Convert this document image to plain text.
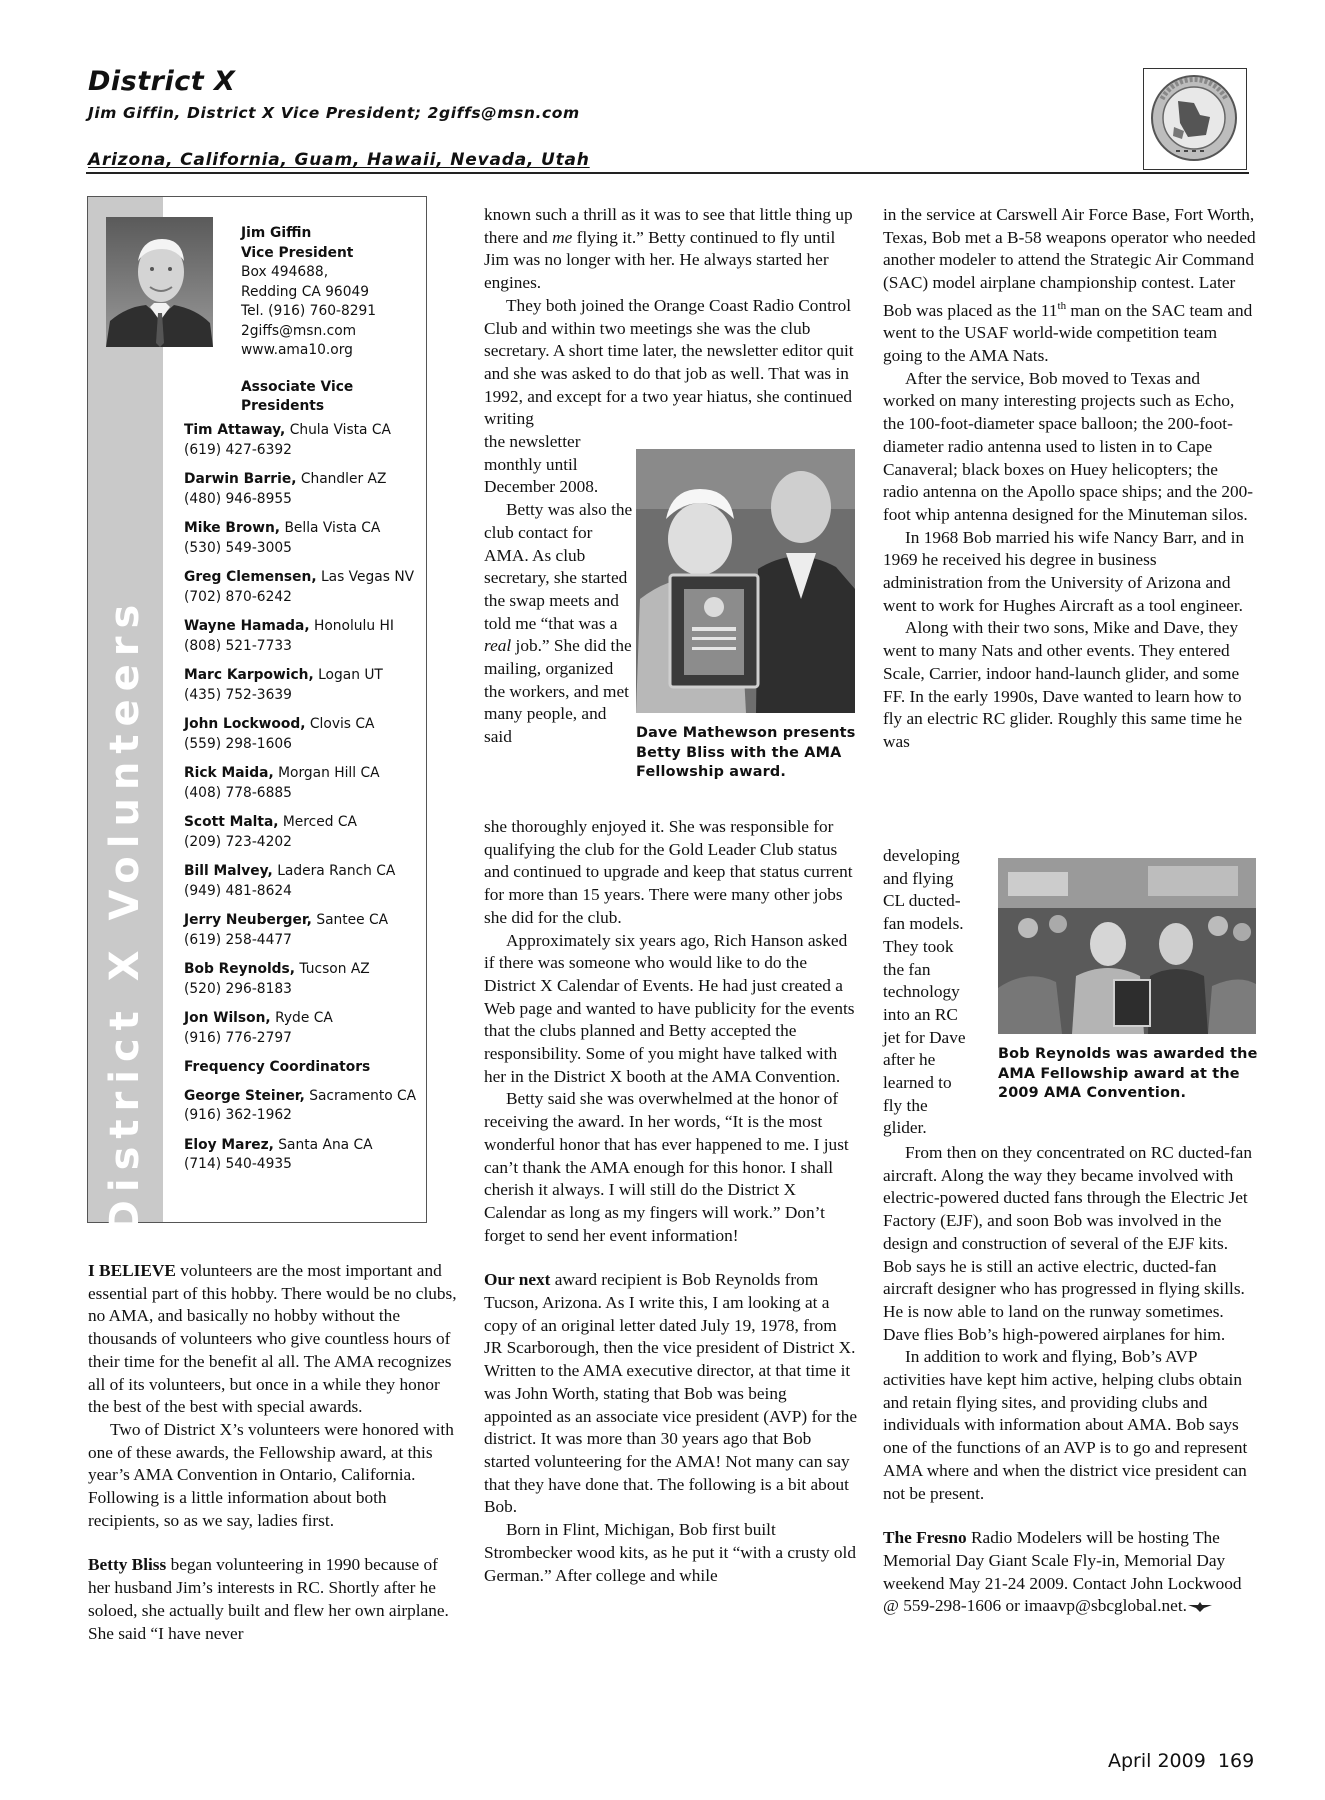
District X
Jim Giffin, District X Vice President; 2giffs@msn.com
Arizona, California, Guam, Hawaii, Nevada, Utah
District X Volunteers
Jim Giffin
Vice President
Box 494688,
Redding CA 96049
Tel. (916) 760-8291
2giffs@msn.com
www.ama10.org
Associate Vice
Presidents
Tim Attaway, Chula Vista CA
(619) 427-6392
Darwin Barrie, Chandler AZ
(480) 946-8955
Mike Brown, Bella Vista CA
(530) 549-3005
Greg Clemensen, Las Vegas NV
(702) 870-6242
Wayne Hamada, Honolulu HI
(808) 521-7733
Marc Karpowich, Logan UT
(435) 752-3639
John Lockwood, Clovis CA
(559) 298-1606
Rick Maida, Morgan Hill CA
(408) 778-6885
Scott Malta, Merced CA
(209) 723-4202
Bill Malvey, Ladera Ranch CA
(949) 481-8624
Jerry Neuberger, Santee CA
(619) 258-4477
Bob Reynolds, Tucson AZ
(520) 296-8183
Jon Wilson, Ryde CA
(916) 776-2797
Frequency Coordinators
George Steiner, Sacramento CA
(916) 362-1962
Eloy Marez, Santa Ana CA
(714) 540-4935

I BELIEVE volunteers are the most important and essential part of this hobby. There would be no clubs, no AMA, and basically no hobby without the thousands of volunteers who give countless hours of their time for the benefit al all. The AMA recognizes all of its volunteers, but once in a while they honor the best of the best with special awards.

Two of District X’s volunteers were honored with one of these awards, the Fellowship award, at this year’s AMA Convention in Ontario, California. Following is a little information about both recipients, so as we say, ladies first.

Betty Bliss began volunteering in 1990 because of her husband Jim’s interests in RC. Shortly after he soloed, she actually built and flew her own airplane. She said “I have never

known such a thrill as it was to see that little thing up there and me flying it.” Betty continued to fly until Jim was no longer with her. He always started her engines.

They both joined the Orange Coast Radio Control Club and within two meetings she was the club secretary. A short time later, the newsletter editor quit and she was asked to do that job as well. That was in 1992, and except for a two year hiatus, she continued writing

the newsletter monthly until December 2008.

Betty was also the club contact for AMA. As club secretary, she started the swap meets and told me “that was a real job.” She did the mailing, organized the workers, and met many people, and said	Dave Mathewson presents Betty Bliss with the AMA Fellowship award.

she thoroughly enjoyed it. She was responsible for qualifying the club for the Gold Leader Club status and continued to upgrade and keep that status current for more than 15 years. There were many other jobs she did for the club.

Approximately six years ago, Rich Hanson asked if there was someone who would like to do the District X Calendar of Events. He had just created a Web page and wanted to have publicity for the events that the clubs planned and Betty accepted the responsibility. Some of you might have talked with her in the District X booth at the AMA Convention.

Betty said she was overwhelmed at the honor of receiving the award. In her words, “It is the most wonderful honor that has ever happened to me. I just can’t thank the AMA enough for this honor. I shall cherish it always. I will still do the District X Calendar as long as my fingers will work.” Don’t forget to send her event information!

Our next award recipient is Bob Reynolds from Tucson, Arizona. As I write this, I am looking at a copy of an original letter dated July 19, 1978, from JR Scarborough, then the vice president of District X. Written to the AMA executive director, at that time it was John Worth, stating that Bob was being appointed as an associate vice president (AVP) for the district. It was more than 30 years ago that Bob started volunteering for the AMA! Not many can say that they have done that. The following is a bit about Bob.

Born in Flint, Michigan, Bob first built Strombecker wood kits, as he put it “with a crusty old German.” After college and while

in the service at Carswell Air Force Base, Fort Worth, Texas, Bob met a B-58 weapons operator who needed another modeler to attend the Strategic Air Command (SAC) model airplane championship contest. Later Bob was placed as the 11th man on the SAC team and went to the USAF world-wide competition team going to the AMA Nats.

After the service, Bob moved to Texas and worked on many interesting projects such as Echo, the 100-foot-diameter space balloon; the 200-foot-diameter radio antenna used to listen in to Cape Canaveral; black boxes on Huey helicopters; the radio antenna on the Apollo space ships; and the 200-foot whip antenna designed for the Minuteman silos.

In 1968 Bob married his wife Nancy Barr, and in 1969 he received his degree in business administration from the University of Arizona and went to work for Hughes Aircraft as a tool engineer.

Along with their two sons, Mike and Dave, they went to many Nats and other events. They entered Scale, Carrier, indoor hand-launch glider, and some FF. In the early 1990s, Dave wanted to learn how to fly an electric RC glider. Roughly this same time he was

developing and flying CL ducted-fan models. They took the fan technology into an RC jet for Dave after he learned to fly the glider.

Bob Reynolds was awarded the AMA Fellowship award at the 2009 AMA Convention.

From then on they concentrated on RC ducted-fan aircraft. Along the way they became involved with electric-powered ducted fans through the Electric Jet Factory (EJF), and soon Bob was involved in the design and construction of several of the EJF kits. Bob says he is still an active electric, ducted-fan aircraft designer who has progressed in flying skills. He is now able to land on the runway sometimes. Dave flies Bob’s high-powered airplanes for him.

In addition to work and flying, Bob’s AVP activities have kept him active, helping clubs obtain and retain flying sites, and providing clubs and individuals with information about AMA. Bob says one of the functions of an AVP is to go and represent AMA where and when the district vice president can not be present.

The Fresno Radio Modelers will be hosting The Memorial Day Giant Scale Fly-in, Memorial Day weekend May 21-24 2009. Contact John Lockwood @ 559-298-1606 or imaavp@sbcglobal.net.

April 2009 169
